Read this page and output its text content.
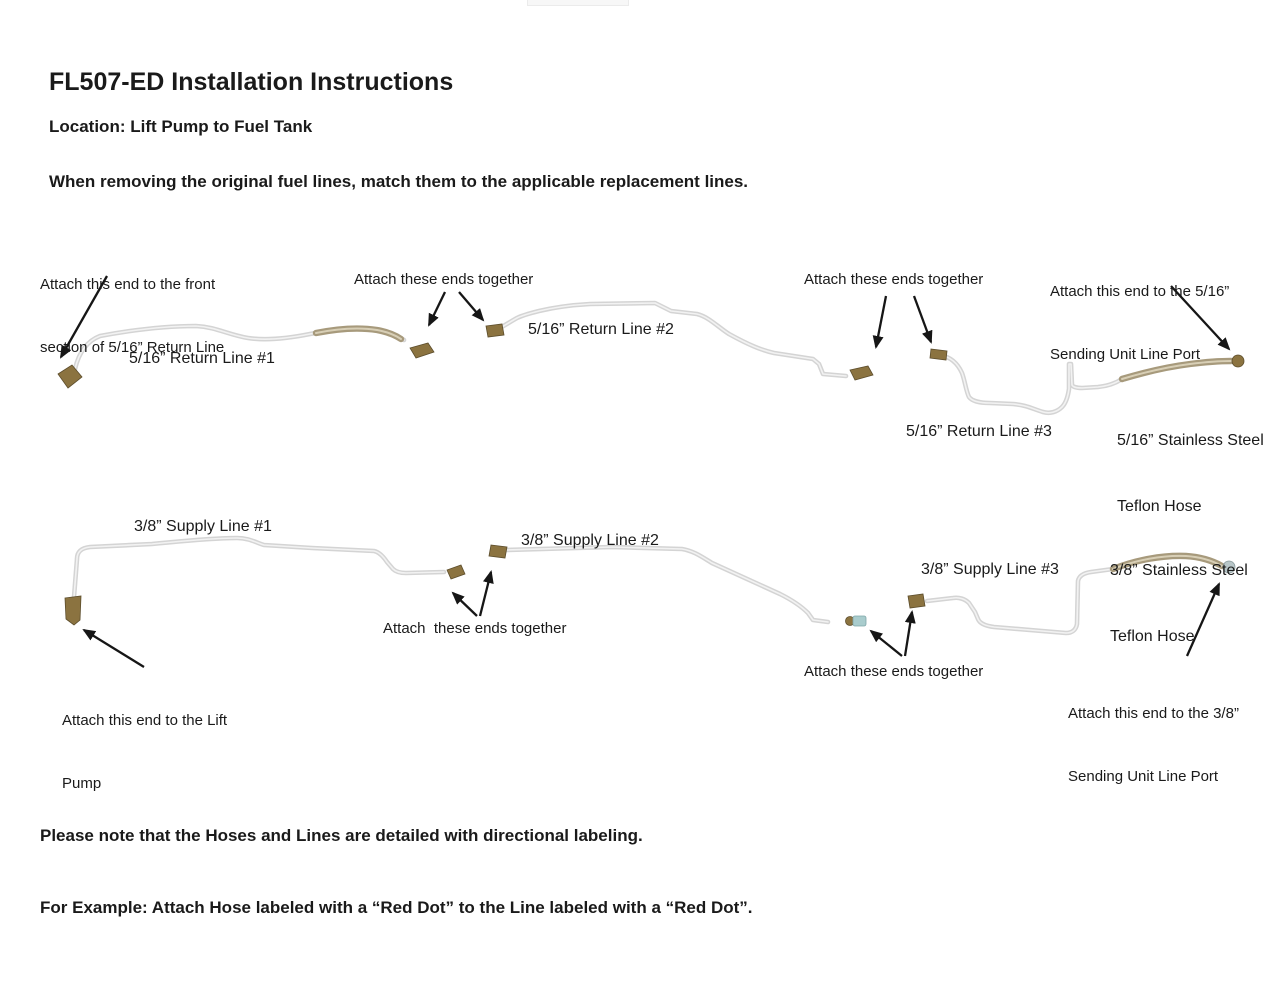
FL507-ED Installation Instructions
Location: Lift Pump to Fuel Tank
When removing the original fuel lines, match them to the applicable replacement lines.

Attach this end to the front

section of 5/16” Return Line

Attach these ends together
5/16” Return Line #1
5/16” Return Line #2
Attach these ends together

Attach this end to the 5/16”

Sending Unit Line Port

5/16” Return Line #3

5/16” Stainless Steel

Teflon Hose

3/8” Supply Line #1
3/8” Supply Line #2
3/8” Supply Line #3

	3/8” Stainless Steel

Teflon Hose

Attach  these ends together

Attach this end to the Lift

Pump

Attach these ends together

Attach this end to the 3/8”

Sending Unit Line Port

Please note that the Hoses and Lines are detailed with directional labeling.

For Example: Attach Hose labeled with a “Red Dot” to the Line labeled with a “Red Dot”.
